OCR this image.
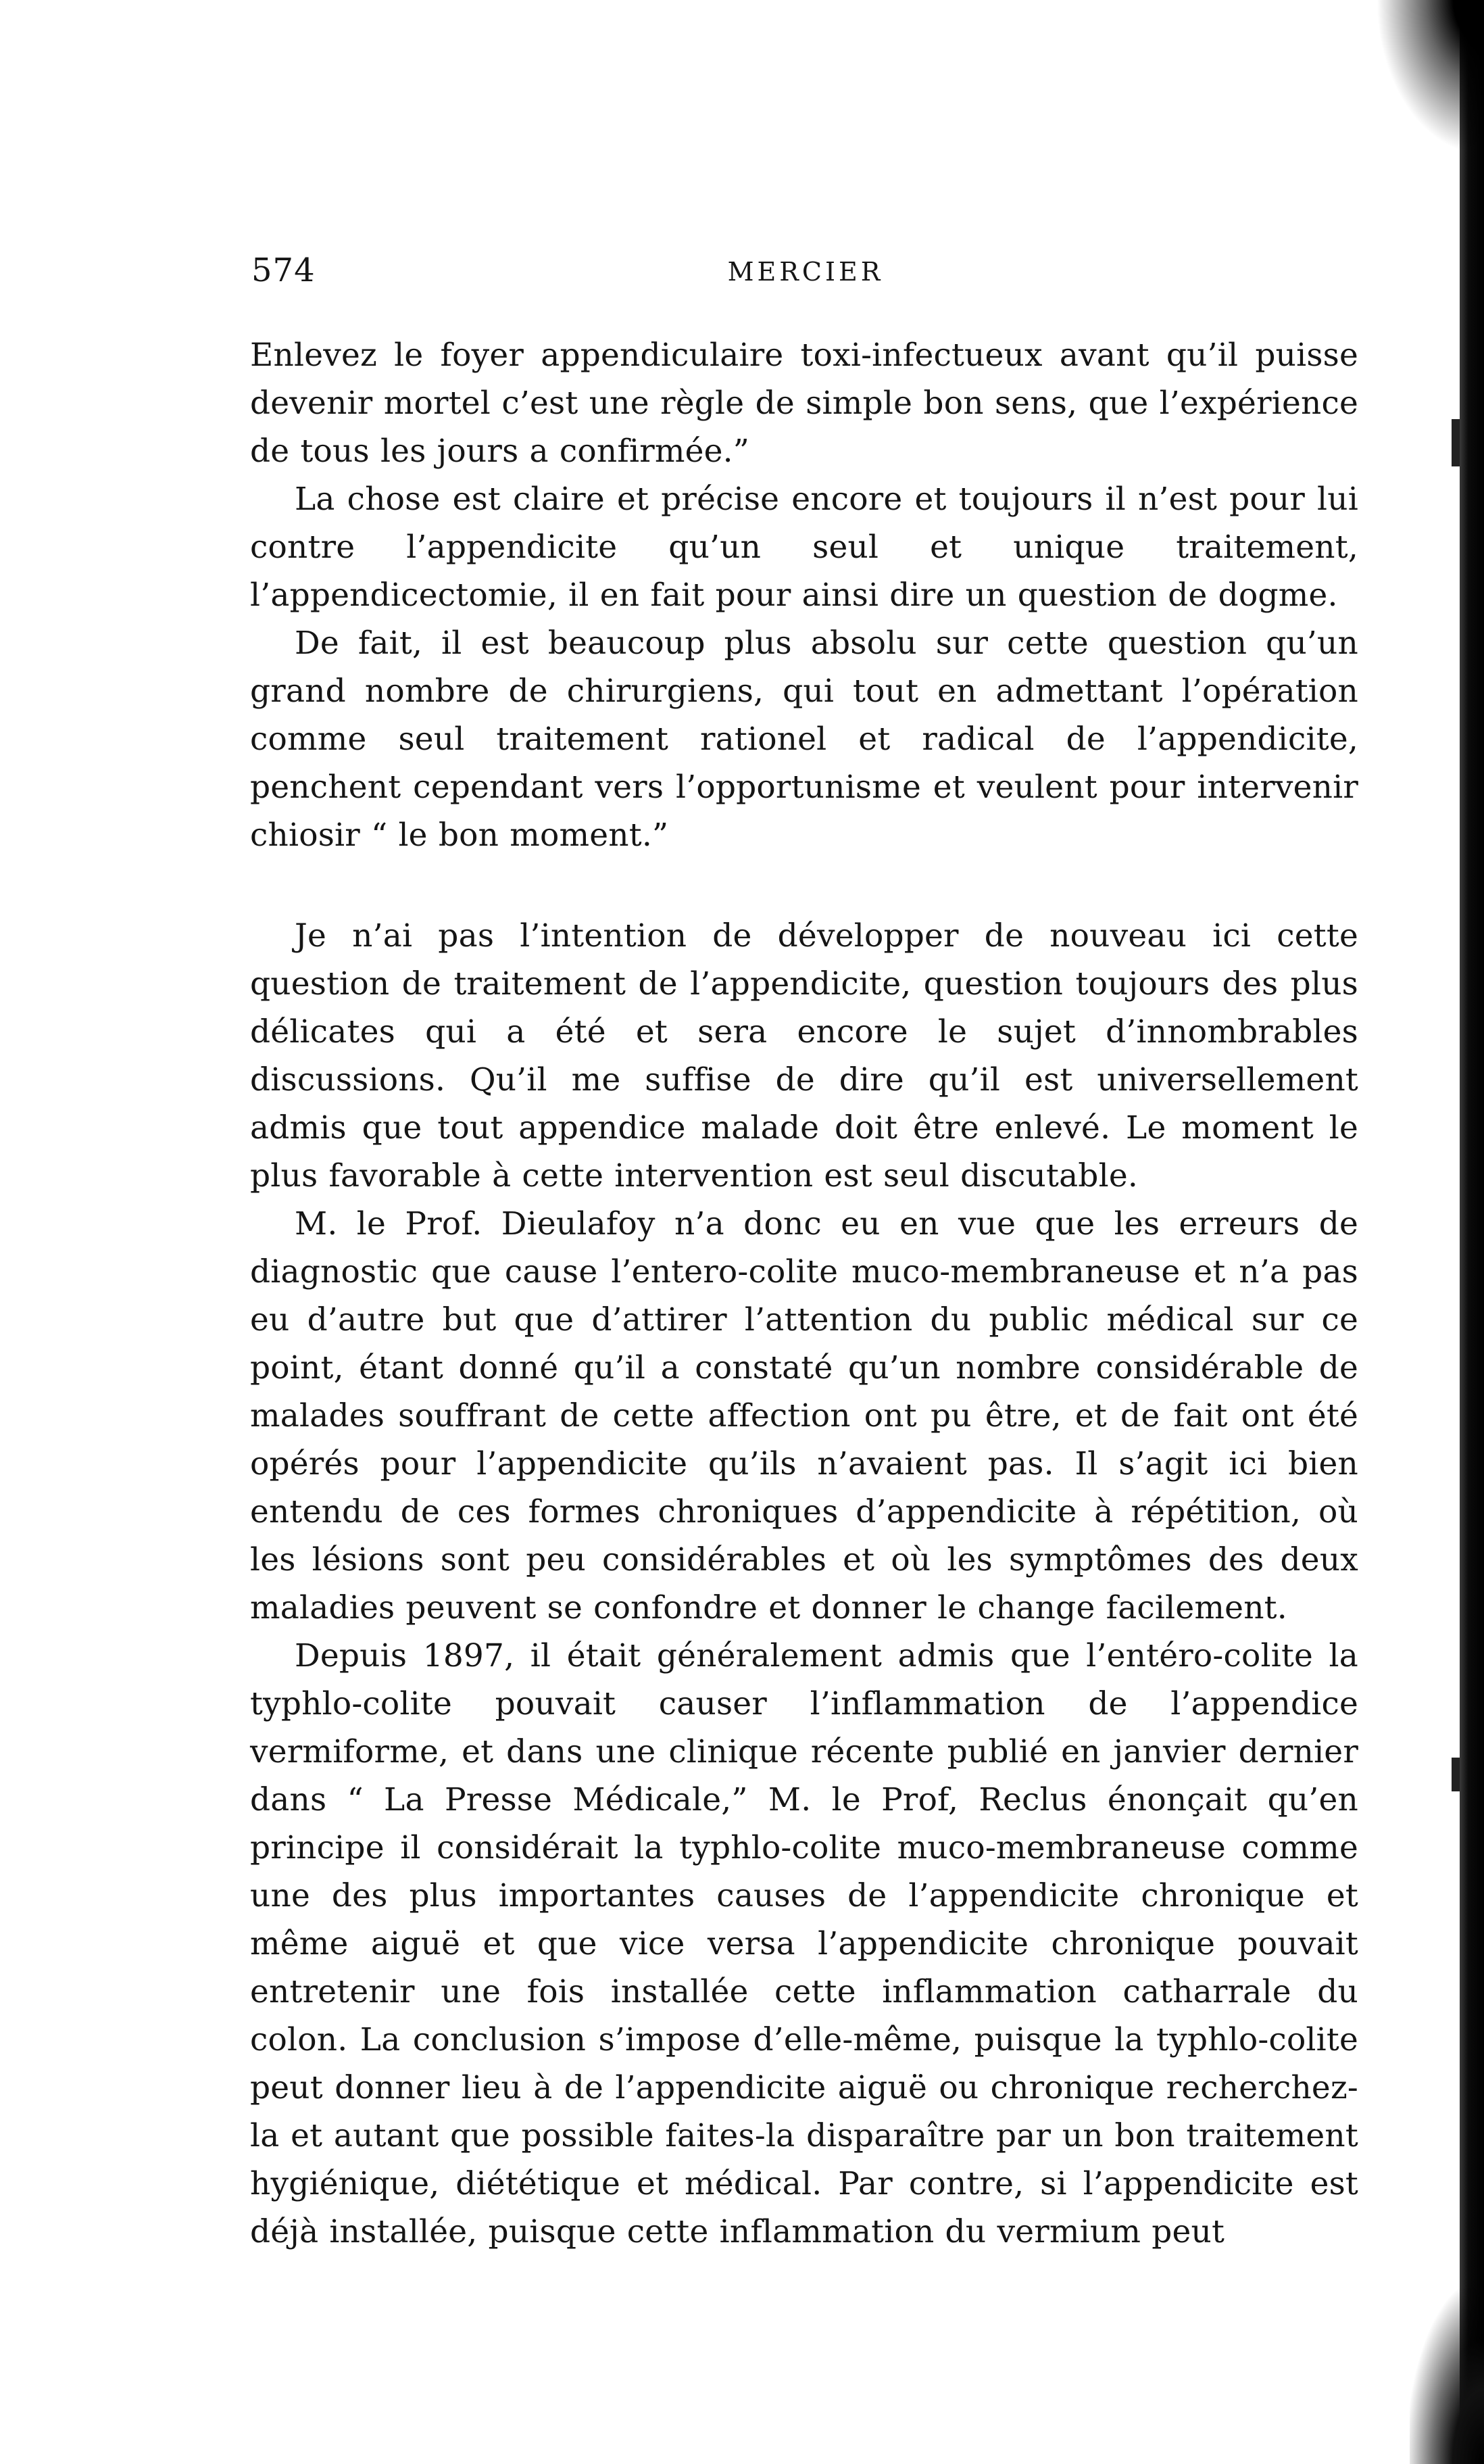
574	MERCIER

Enlevez le foyer appendiculaire toxi-infectueux avant qu’il puisse devenir mortel c’est une règle de simple bon sens, que l’expérience de tous les jours a confirmée.”

La chose est claire et précise encore et toujours il n’est pour lui contre l’appendicite qu’un seul et unique traitement, l’appendicectomie, il en fait pour ainsi dire un question de dogme.

De fait, il est beaucoup plus absolu sur cette question qu’un grand nombre de chirurgiens, qui tout en admettant l’opération comme seul traitement rationel et radical de l’appendicite, penchent cependant vers l’opportunisme et veulent pour intervenir chiosir “ le bon moment.”

Je n’ai pas l’intention de développer de nouveau ici cette question de traitement de l’appendicite, question toujours des plus délicates qui a été et sera encore le sujet d’innombrables discussions. Qu’il me suffise de dire qu’il est universellement admis que tout appendice malade doit être enlevé. Le moment le plus favorable à cette intervention est seul discutable.

M. le Prof. Dieulafoy n’a donc eu en vue que les erreurs de diagnostic que cause l’entero-colite muco-membraneuse et n’a pas eu d’autre but que d’attirer l’attention du public médical sur ce point, étant donné qu’il a constaté qu’un nombre considérable de malades souffrant de cette affection ont pu être, et de fait ont été opérés pour l’appendicite qu’ils n’avaient pas. Il s’agit ici bien entendu de ces formes chroniques d’appendicite à répétition, où les lésions sont peu considérables et où les symptômes des deux maladies peuvent se confondre et donner le change facilement.

Depuis 1897, il était généralement admis que l’entéro-colite la typhlo-colite pouvait causer l’inflammation de l’appendice vermiforme, et dans une clinique récente publié en janvier dernier dans “ La Presse Médicale,” M. le Prof, Reclus énonçait qu’en principe il considérait la typhlo-colite muco-membraneuse comme une des plus importantes causes de l’appendicite chronique et même aiguë et que vice versa l’appendicite chronique pouvait entretenir une fois installée cette inflammation catharrale du colon. La conclusion s’impose d’elle-même, puisque la typhlo-colite peut donner lieu à de l’appendicite aiguë ou chronique recherchez-la et autant que possible faites-la disparaître par un bon traitement hygiénique, diététique et médical. Par contre, si l’appendicite est déjà installée, puisque cette inflammation du vermium peut
